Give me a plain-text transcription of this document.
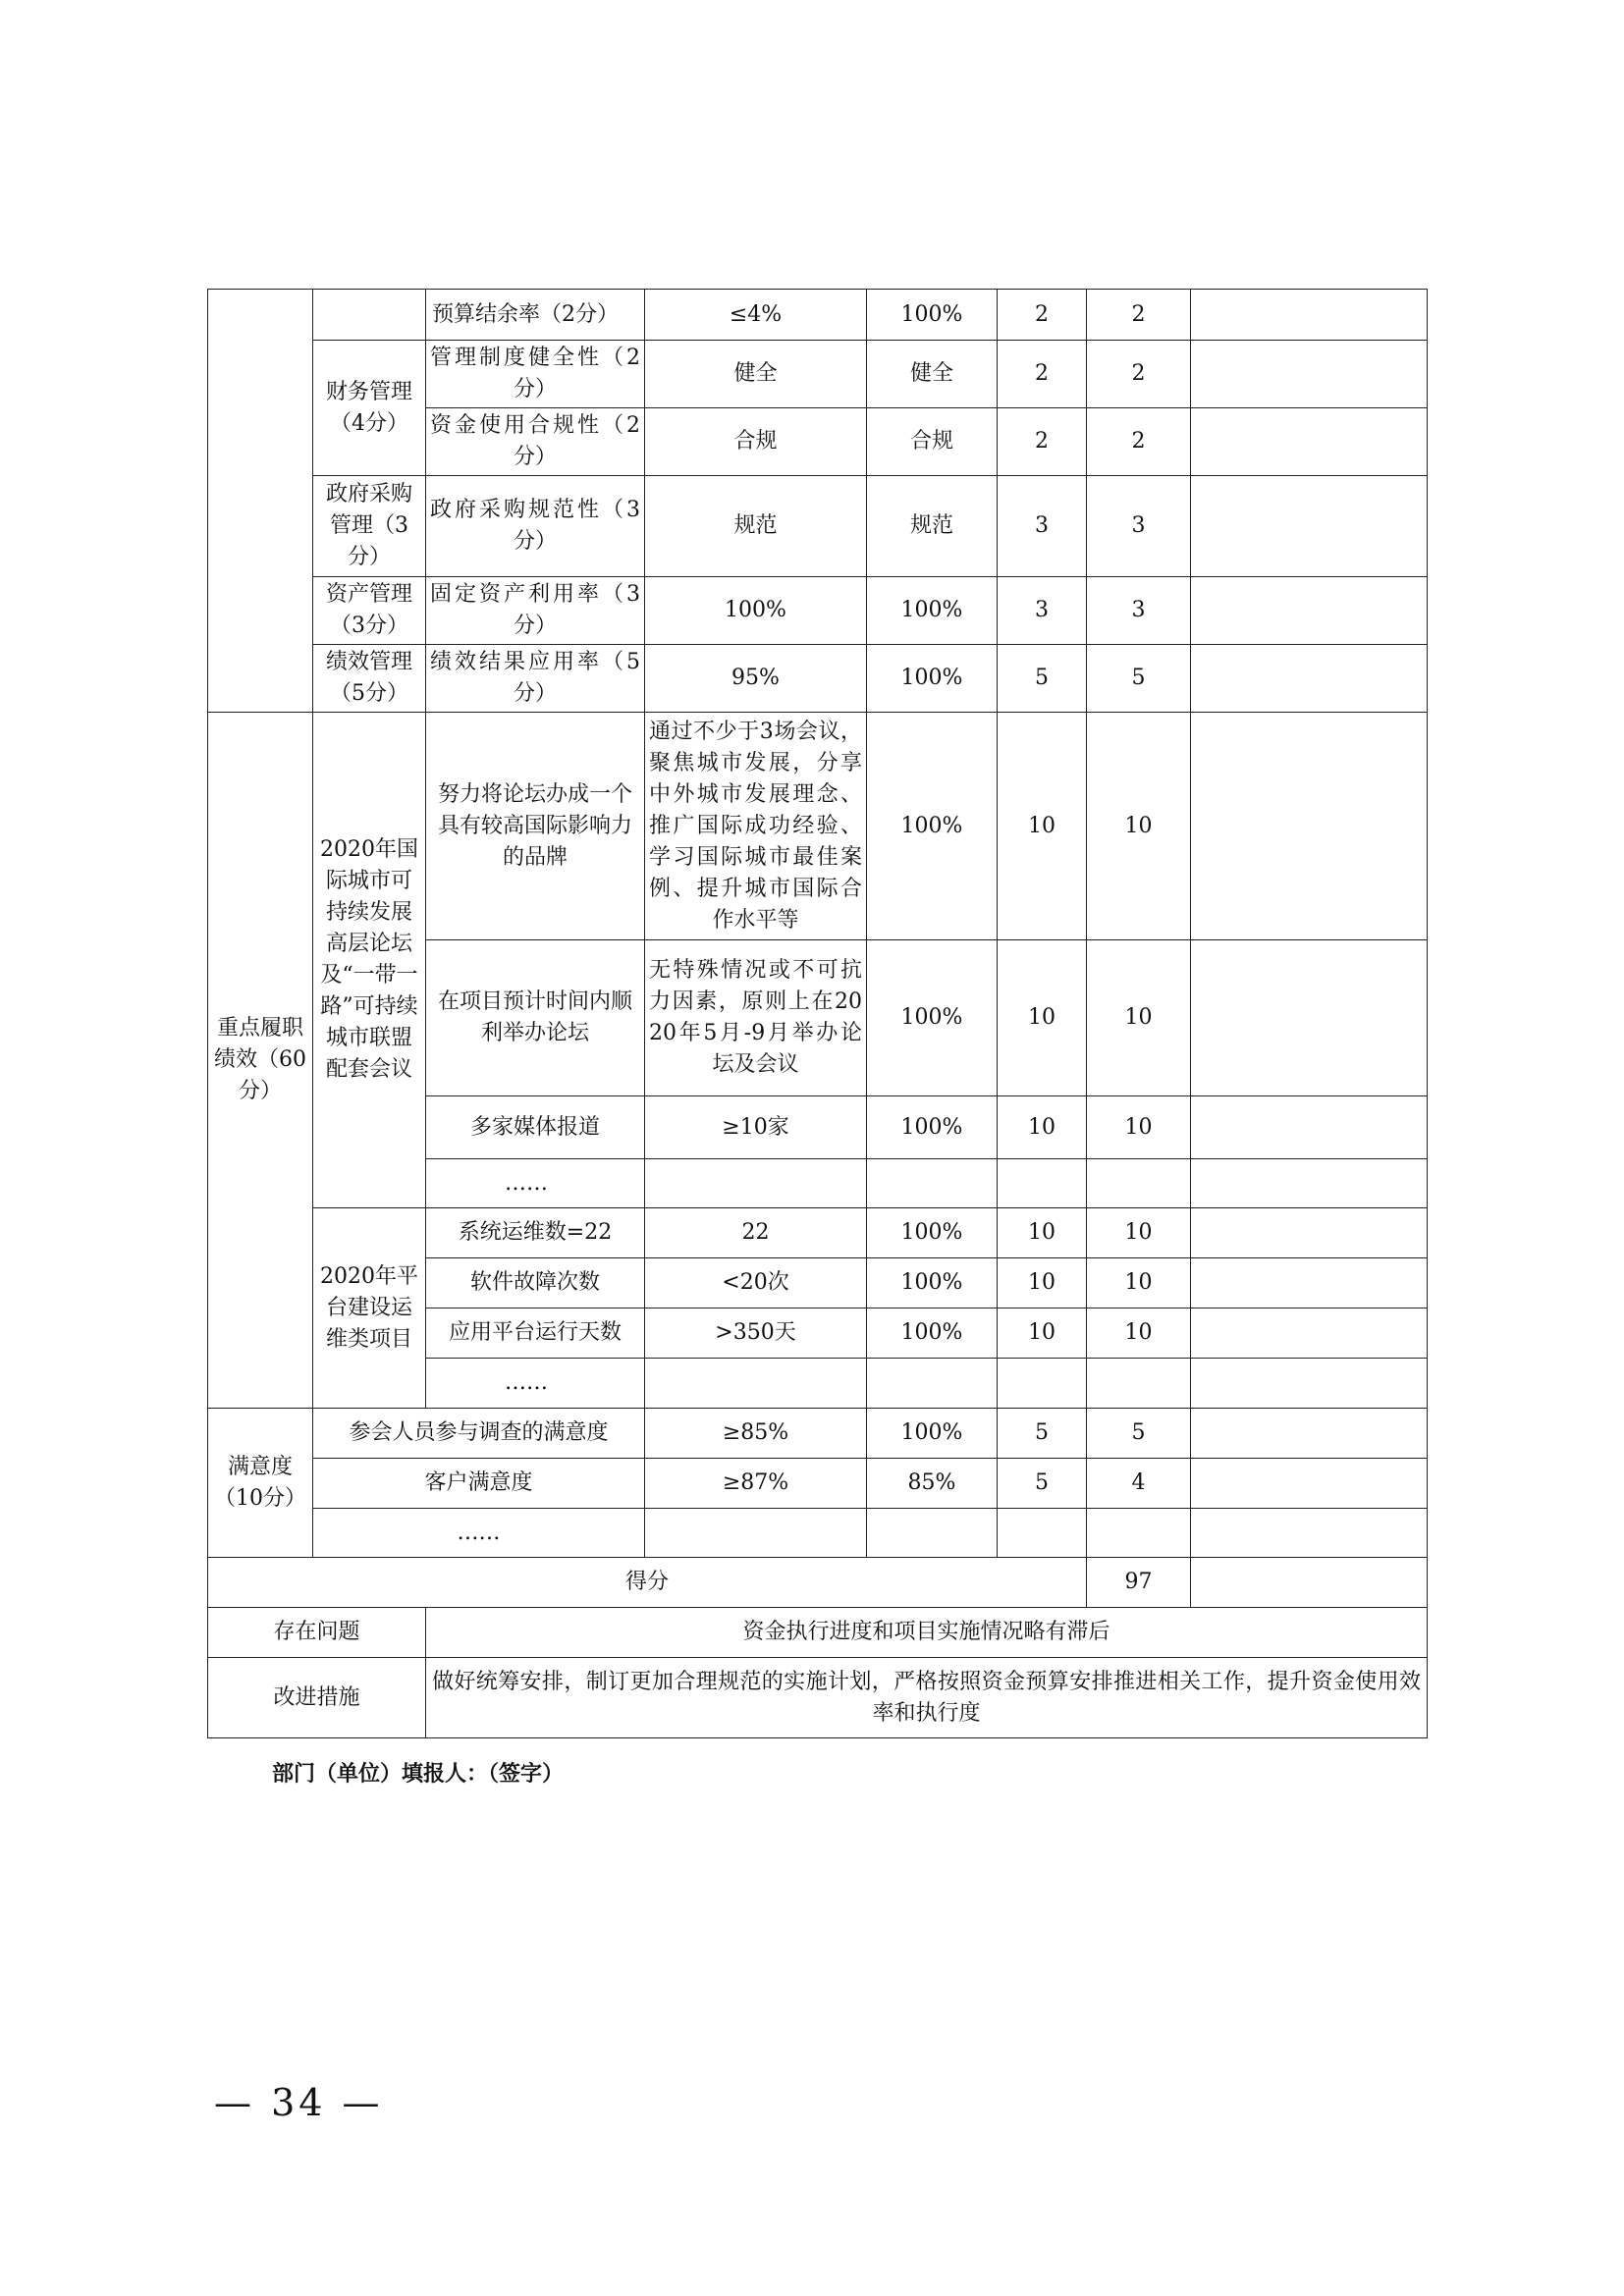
		预算结余率（2分）	≤4%	100%	2	2	
	财务管理（4分）	管理制度健全性（2分）	健全	健全	2	2	
		资金使用合规性（2分）	合规	合规	2	2	
	政府采购管理（3分）	政府采购规范性（3分）	规范	规范	3	3	
	资产管理（3分）	固定资产利用率（3分）	100%	100%	3	3	
	绩效管理（5分）	绩效结果应用率（5分）	95%	100%	5	5	
重点履职绩效（60分）	2020年国际城市可持续发展高层论坛及“一带一路”可持续城市联盟配套会议	努力将论坛办成一个具有较高国际影响力的品牌	通过不少于3场会议，聚焦城市发展，分享中外城市发展理念、推广国际成功经验、学习国际城市最佳案例、提升城市国际合作水平等	100%	10	10	
		在项目预计时间内顺利举办论坛	无特殊情况或不可抗力因素，原则上在2020年5月-9月举办论坛及会议	100%	10	10	
		多家媒体报道	≥10家	100%	10	10	
		……					
	2020年平台建设运维类项目	系统运维数=22	22	100%	10	10	
		软件故障次数	<20次	100%	10	10	
		应用平台运行天数	>350天	100%	10	10	
		……					
满意度（10分）	参会人员参与调查的满意度		≥85%	100%	5	5	
	客户满意度		≥87%	85%	5	4	
	……						
得分						97	
存在问题		资金执行进度和项目实施情况略有滞后					
改进措施		做好统筹安排，制订更加合理规范的实施计划，严格按照资金预算安排推进相关工作，提升资金使用效率和执行度					
部门（单位）填报人：（签字）
— 34 —
